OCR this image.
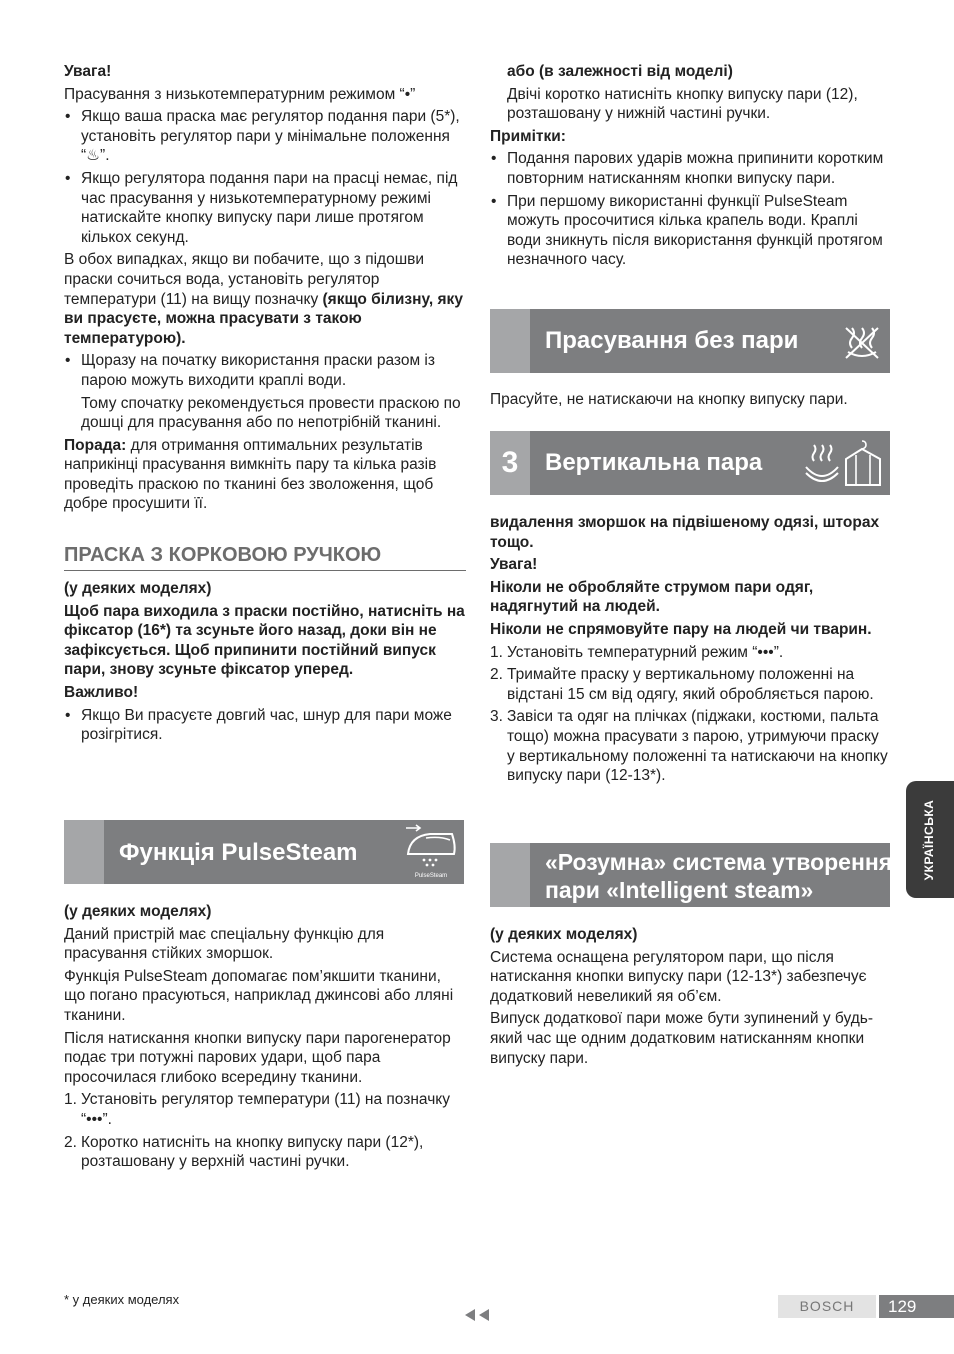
Увага!

Прасування з низькотемпературним режимом “•”

• Якщо ваша праска має регулятор подання пари (5*), установіть регулятор пари у мінімальне положення “♨”.
• Якщо регулятора подання пари на прасці немає, під час прасування у низькотемпературному режимі натискайте кнопку випуску пари лише протягом кількох секунд.

В обох випадках, якщо ви побачите, що з підошви праски сочиться вода, установіть регулятор температури (11) на вищу позначку (якщо білизну, яку ви прасуєте, можна прасувати з такою температурою).

• Щоразу на початку використання праски разом із парою можуть виходити краплі води.
Тому спочатку рекомендується провести праскою по дошці для прасування або по непотрібній тканині.

Порада: для отримання оптимальних результатів наприкінці прасування вимкніть пару та кілька разів проведіть праскою по тканині без зволоження, щоб добре просушити її.

ПРАСКА З КОРКОВОЮ РУЧКОЮ

(у деяких моделях)

Щоб пара виходила з праски постійно, натисніть на фіксатор (16*) та зсуньте його назад, доки він не зафіксується. Щоб припинити постійний випуск пари, знову зсуньте фіксатор уперед.

Важливо!

• Якщо Ви прасуєте довгий час, шнур для пари може розігрітися.
Функція PulseSteam
PulseSteam

(у деяких моделях)

Даний пристрій має спеціальну функцію для прасування стійких зморшок.

Функція PulseSteam допомагає пом’якшити тканини, що погано прасуються, наприклад джинсові або лляні тканини.

Після натискання кнопки випуску пари парогенератор подає три потужні парових удари, щоб пара просочилася глибоко всередину тканини.

1. Установіть регулятор температури (11) на позначку “•••”.
2. Коротко натисніть на кнопку випуску пари (12*), розташовану у верхній частині ручки.

або (в залежності від моделі)

Двічі коротко натисніть кнопку випуску пари (12), розташовану у нижній частині ручки.

Примітки:

• Подання парових ударів можна припинити коротким повторним натисканням кнопки випуску пари.
• При першому використанні функції PulseSteam можуть просочитися кілька крапель води. Краплі води зникнуть після використання функцій протягом незначного часу.
Прасування без пари

Прасуйте, не натискаючи на кнопку випуску пари.

3	Вертикальна пара

видалення зморшок на підвішеному одязі, шторах тощо.

Увага!

Ніколи не обробляйте струмом пари одяг, надягнутий на людей.

Ніколи не спрямовуйте пару на людей чи тварин.

1. Установіть температурний режим “•••”.
2. Тримайте праску у вертикальному положенні на відстані 15 см від одягу, який обробляється парою.
3. Завіси та одяг на плічках (піджаки, костюми, пальта тощо) можна прасувати з парою, утримуючи праску у вертикальному положенні та натискаючи на кнопку випуску пари (12-13*).
«Розумна» система утворення
пари «Intelligent steam»

(у деяких моделях)

Система оснащена регулятором пари, що після натискання кнопки випуску пари (12-13*) забезпечує додатковий невеликий яя об’єм.

Випуск додаткової пари може бути зупинений у будь-який час ще одним додатковим натисканням кнопки випуску пари.

УКРАЇНСЬКА
* у деяких моделях	BOSCH	129
